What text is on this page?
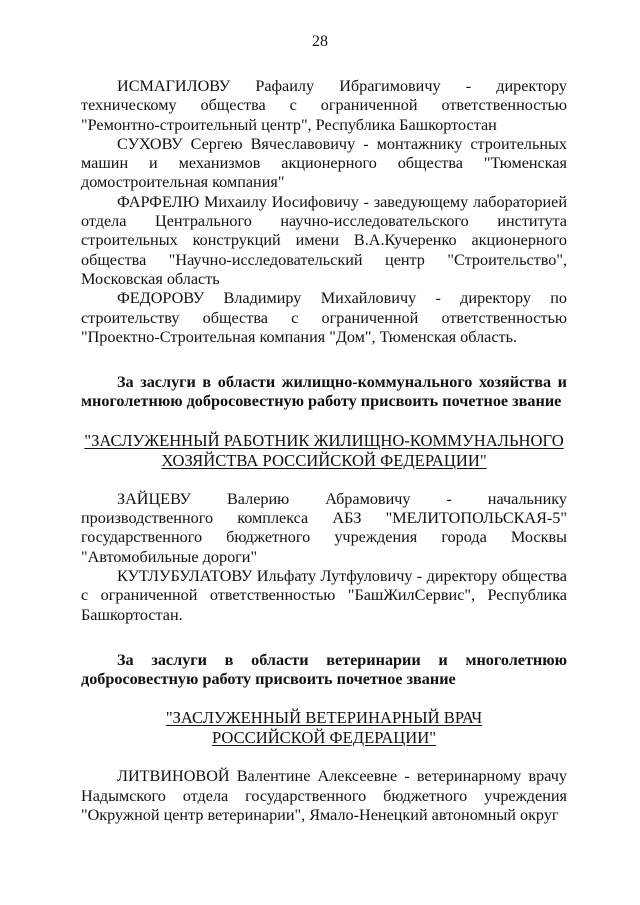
28

ИСМАГИЛОВУ Рафаилу Ибрагимовичу - директору техническому общества с ограниченной ответственностью "Ремонтно-строительный центр", Республика Башкортостан

СУХОВУ Сергею Вячеславовичу - монтажнику строительных машин и механизмов акционерного общества "Тюменская домостроительная компания"

ФАРФЕЛЮ Михаилу Иосифовичу - заведующему лабораторией отдела Центрального научно-исследовательского института строительных конструкций имени В.А.Кучеренко акционерного общества "Научно-исследовательский центр "Строительство", Московская область

ФЕДОРОВУ Владимиру Михайловичу - директору по строительству общества с ограниченной ответственностью "Проектно-Строительная компания "Дом", Тюменская область.

За заслуги в области жилищно-коммунального хозяйства и многолетнюю добросовестную работу присвоить почетное звание

"ЗАСЛУЖЕННЫЙ РАБОТНИК ЖИЛИЩНО-КОММУНАЛЬНОГО

ХОЗЯЙСТВА РОССИЙСКОЙ ФЕДЕРАЦИИ"

ЗАЙЦЕВУ Валерию Абрамовичу - начальнику производственного комплекса АБЗ "МЕЛИТОПОЛЬСКАЯ-5" государственного бюджетного учреждения города Москвы "Автомобильные дороги"

КУТЛУБУЛАТОВУ Ильфату Лутфуловичу - директору общества с ограниченной ответственностью "БашЖилСервис", Республика Башкортостан.

За заслуги в области ветеринарии и многолетнюю добросовестную работу присвоить почетное звание

"ЗАСЛУЖЕННЫЙ ВЕТЕРИНАРНЫЙ ВРАЧ

РОССИЙСКОЙ ФЕДЕРАЦИИ"

ЛИТВИНОВОЙ Валентине Алексеевне - ветеринарному врачу Надымского отдела государственного бюджетного учреждения "Окружной центр ветеринарии", Ямало-Ненецкий автономный округ
